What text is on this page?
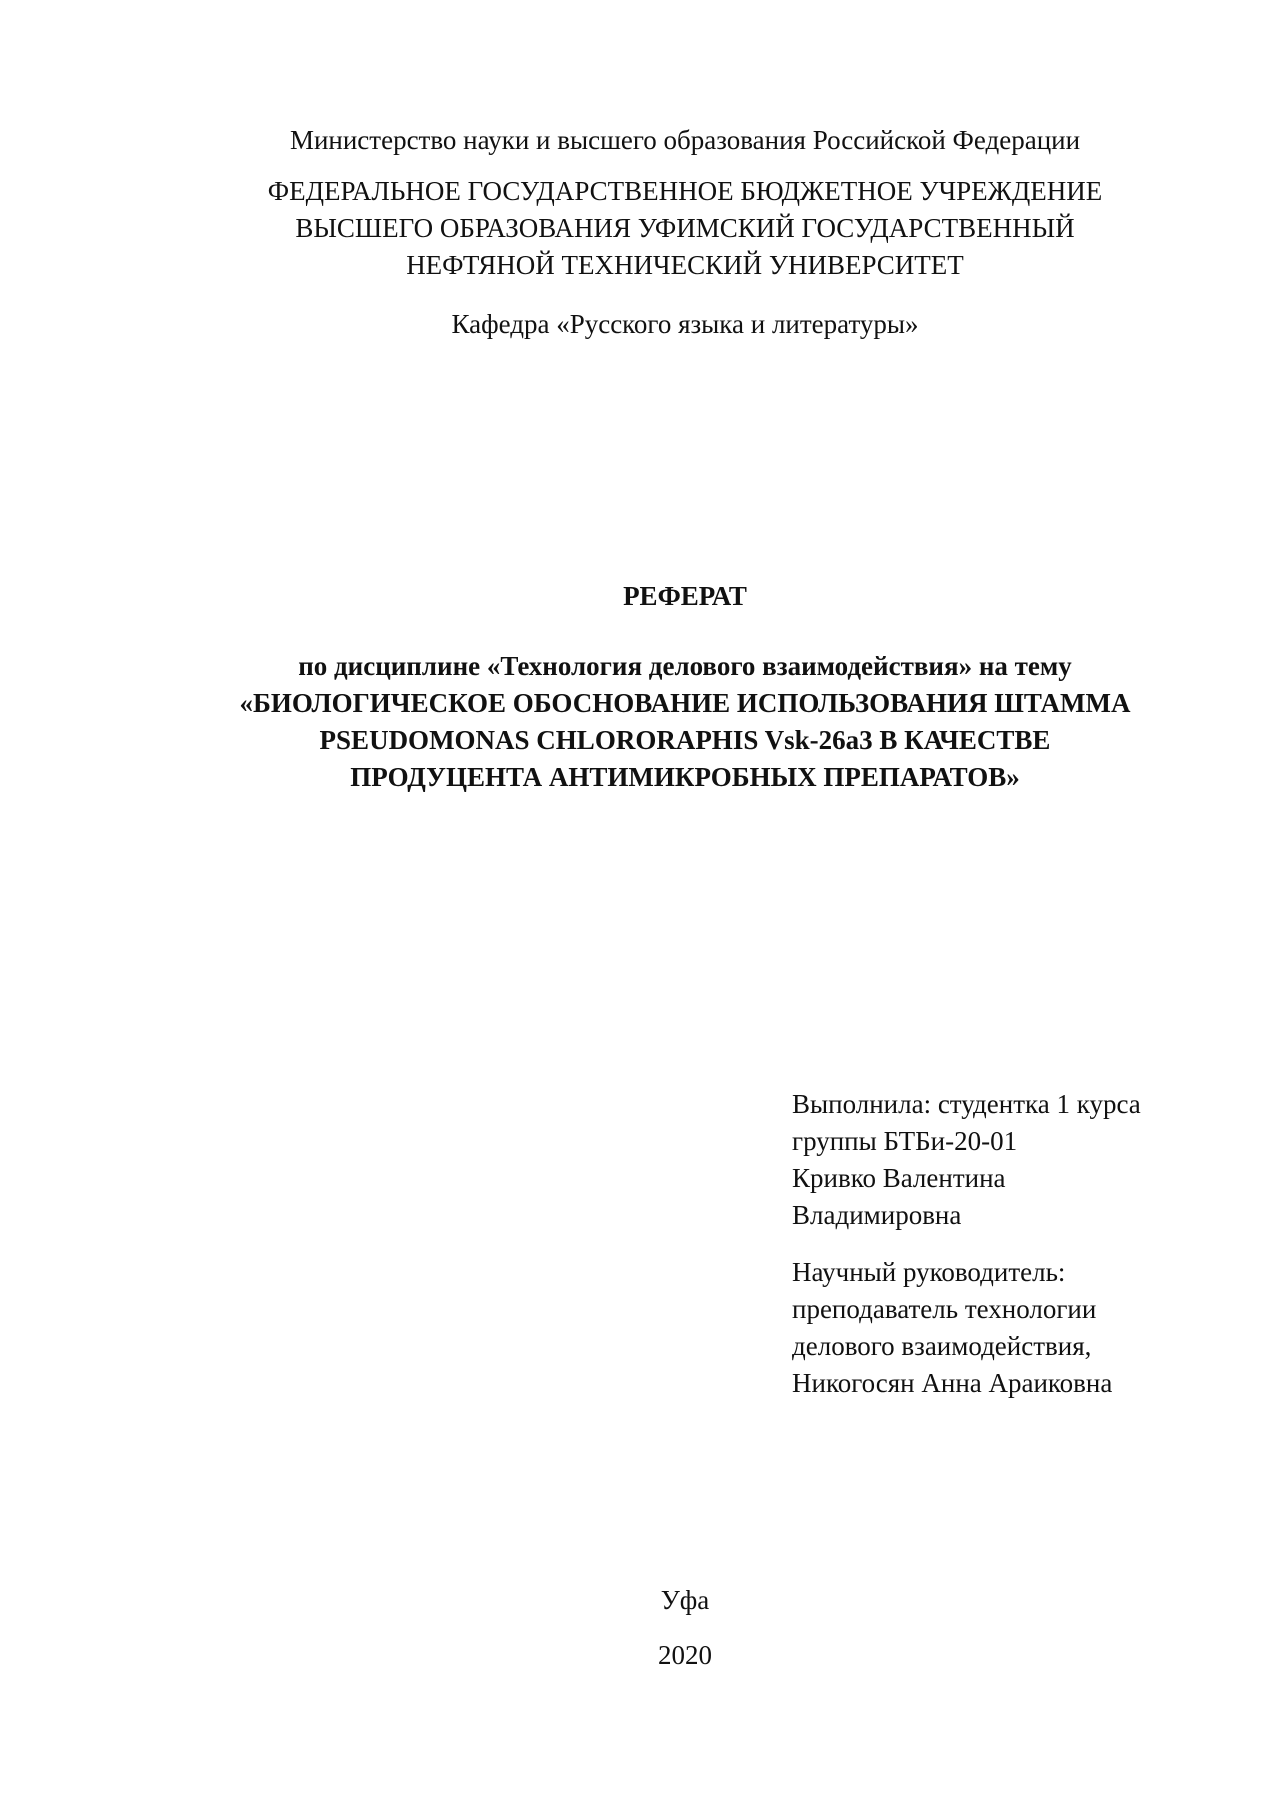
Министерство науки и высшего образования Российской Федерации
ФЕДЕРАЛЬНОЕ ГОСУДАРСТВЕННОЕ БЮДЖЕТНОЕ УЧРЕЖДЕНИЕ
ВЫСШЕГО ОБРАЗОВАНИЯ УФИМСКИЙ ГОСУДАРСТВЕННЫЙ
НЕФТЯНОЙ ТЕХНИЧЕСКИЙ УНИВЕРСИТЕТ
Кафедра «Русского языка и литературы»
РЕФЕРАТ
по дисциплине «Технология делового взаимодействия» на тему
«БИОЛОГИЧЕСКОЕ ОБОСНОВАНИЕ ИСПОЛЬЗОВАНИЯ ШТАММА
PSEUDOMONAS CHLORORAPHIS Vsk-26a3 В КАЧЕСТВЕ
ПРОДУЦЕНТА АНТИМИКРОБНЫХ ПРЕПАРАТОВ»
Выполнила: студентка 1 курса
группы БТБи-20-01
Кривко Валентина
Владимировна
Научный руководитель:
преподаватель технологии
делового взаимодействия,
Никогосян Анна Араиковна
Уфа
2020
